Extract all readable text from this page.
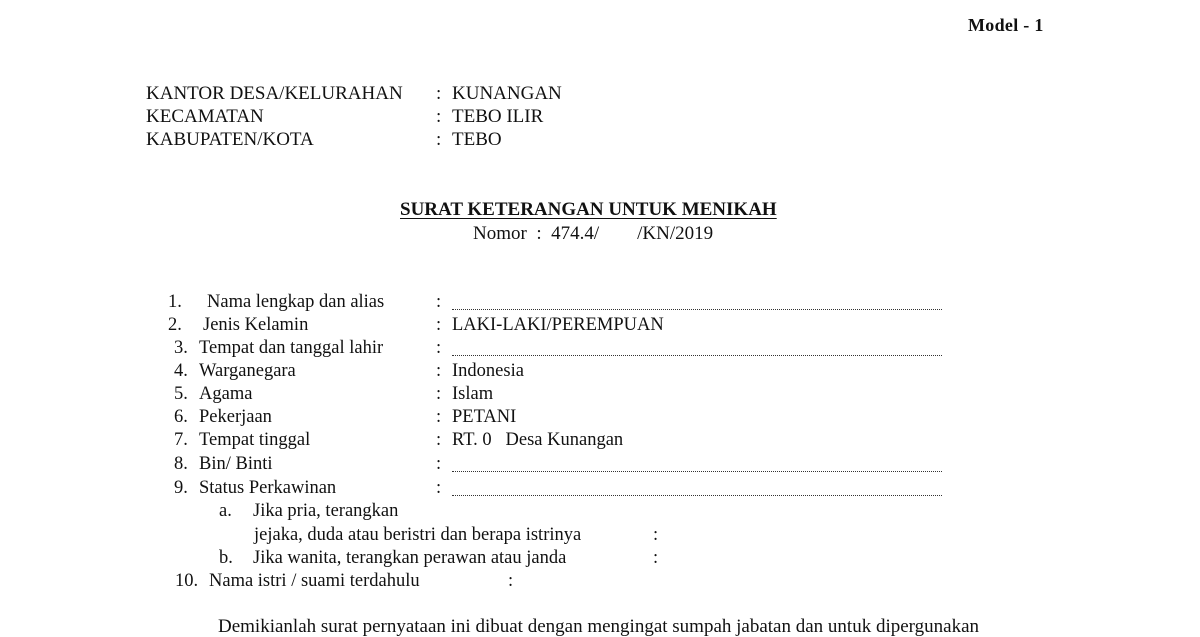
Model - 1
KANTOR DESA/KELURAHAN : KUNANGAN
KECAMATAN	: TEBO ILIR
KABUPATEN/KOTA	: TEBO
SURAT KETERANGAN UNTUK MENIKAH
Nomor  :  474.4/        /KN/2019
1. Nama lengkap dan alias	:
2. Jenis Kelamin	: LAKI-LAKI/PEREMPUAN
3. Tempat dan tanggal lahir	:
4. Warganegara	: Indonesia
5. Agama	: Islam
6. Pekerjaan	: PETANI
7. Tempat tinggal	: RT. 0   Desa Kunangan
8. Bin/ Binti	:
9. Status Perkawinan	:
a. Jika pria, terangkan
jejaka, duda atau beristri dan berapa istrinya	:
b. Jika wanita, terangkan perawan atau janda	:
10. Nama istri / suami terdahulu	:
Demikianlah surat pernyataan ini dibuat dengan mengingat sumpah jabatan dan untuk dipergunakan
